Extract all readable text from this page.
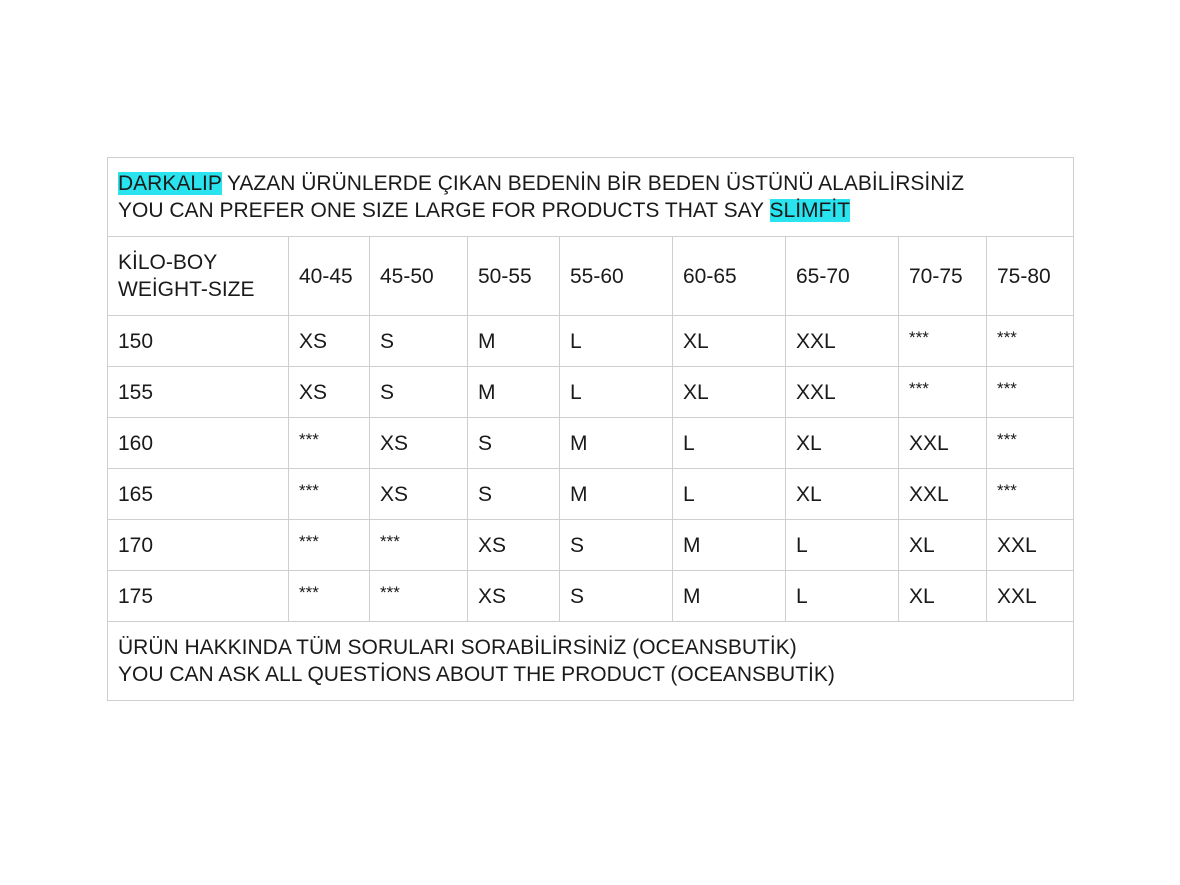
DARKALIP YAZAN ÜRÜNLERDE ÇIKAN BEDENİN BİR BEDEN ÜSTÜNÜ ALABİLİRSİNİZ
YOU CAN PREFER ONE SIZE LARGE FOR PRODUCTS THAT SAY SLİMFİT								

KİLO-BOY
WEİGHT-SIZE	40-45	45-50	50-55	55-60	60-65	65-70	70-75	75-80
150	XS	S	M	L	XL	XXL	***	***
155	XS	S	M	L	XL	XXL	***	***
160	***	XS	S	M	L	XL	XXL	***
165	***	XS	S	M	L	XL	XXL	***
170	***	***	XS	S	M	L	XL	XXL
175	***	***	XS	S	M	L	XL	XXL

ÜRÜN HAKKINDA TÜM SORULARI SORABİLİRSİNİZ (OCEANSBUTİK)
YOU CAN ASK ALL QUESTİONS ABOUT THE PRODUCT (OCEANSBUTİK)								
